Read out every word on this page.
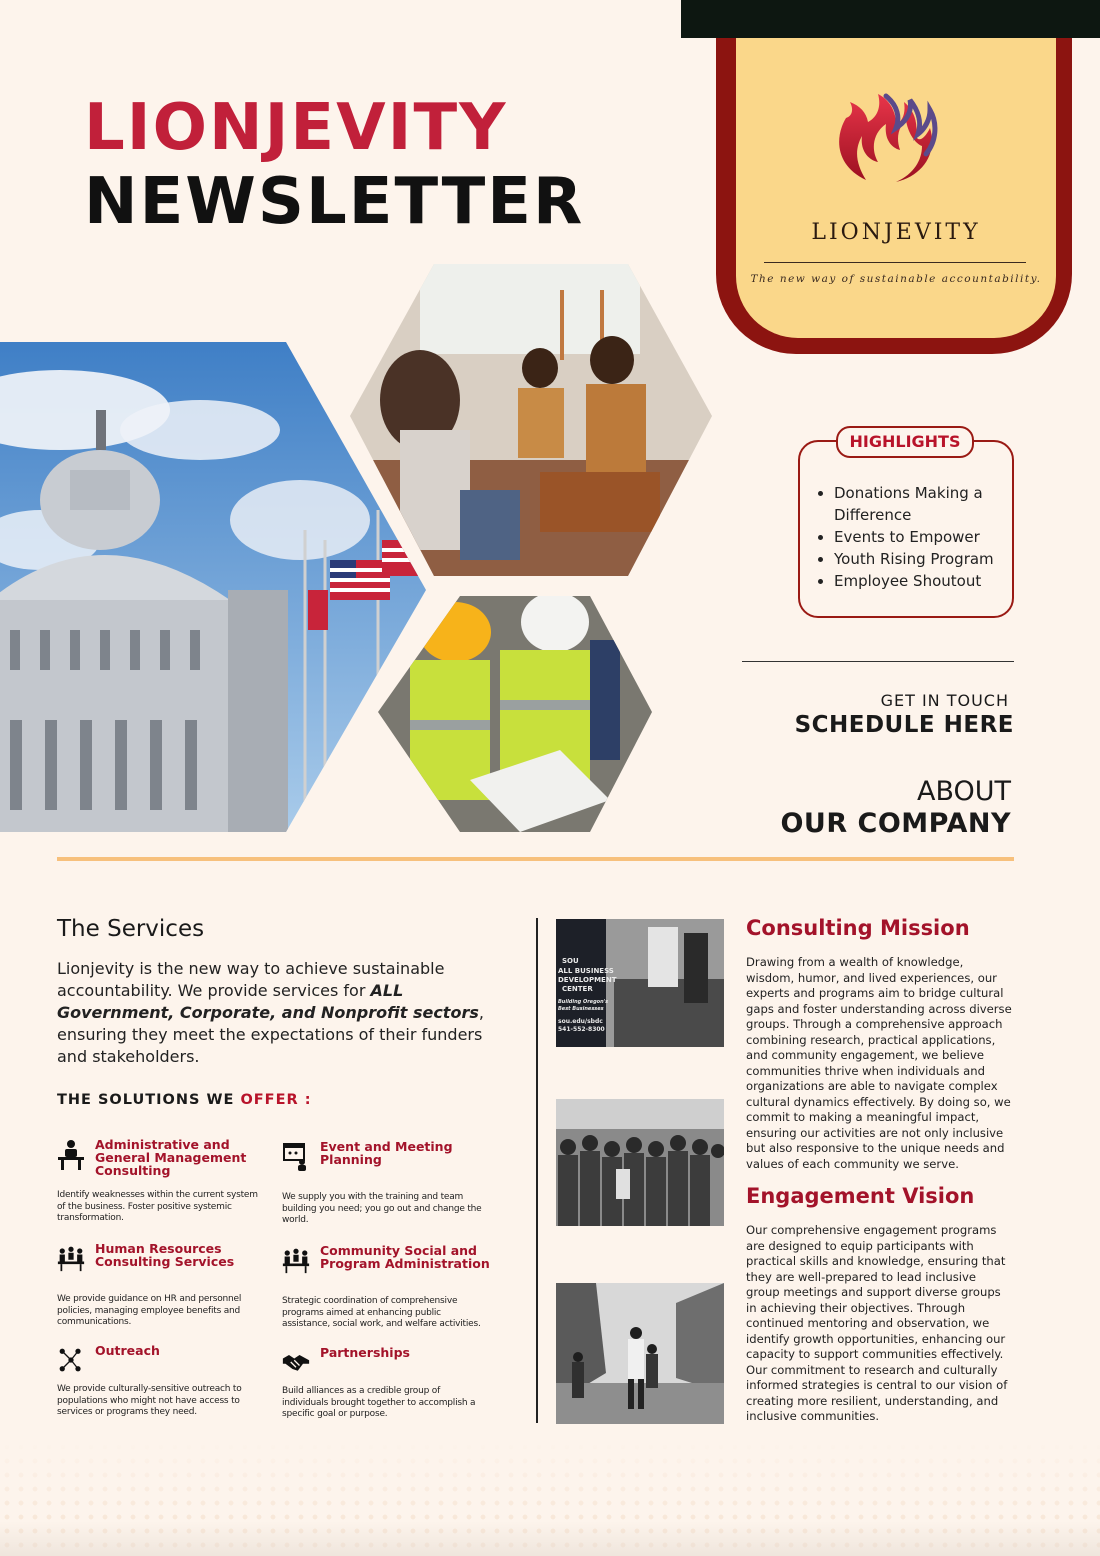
LIONJEVITY
NEWSLETTER	LIONJEVITY
The new way of sustainable accountability.
HIGHLIGHTS
• Donations Making a Difference
• Events to Empower
• Youth Rising Program
• Employee Shoutout
GET IN TOUCH
SCHEDULE HERE
ABOUT
OUR COMPANY
The Services
Lionjevity is the new way to achieve sustainable accountability. We provide services for ALL Government, Corporate, and Nonprofit sectors, ensuring they meet the expectations of their funders and stakeholders.
THE SOLUTIONS WE OFFER :
Administrative and General Management Consulting
Identify weaknesses within the current system of the business. Foster positive systemic transformation.
Event and Meeting Planning
We supply you with the training and team building you need; you go out and change the world.
Human Resources Consulting Services
We provide guidance on HR and personnel policies, managing employee benefits and communications.
Community Social and Program Administration
Strategic coordination of comprehensive programs aimed at enhancing public assistance, social work, and welfare activities.
Outreach
We provide culturally-sensitive outreach to populations who might not have access to services or programs they need.
Partnerships
Build alliances as a credible group of individuals brought together to accomplish a specific goal or purpose.
SOU ALL BUSINESS DEVELOPMENT CENTER Building Oregon's Best Businesses sou.edu/sbdc 541-552-8300
Consulting Mission
Drawing from a wealth of knowledge, wisdom, humor, and lived experiences, our experts and programs aim to bridge cultural gaps and foster understanding across diverse groups. Through a comprehensive approach combining research, practical applications, and community engagement, we believe communities thrive when individuals and organizations are able to navigate complex cultural dynamics effectively. By doing so, we commit to making a meaningful impact, ensuring our activities are not only inclusive but also responsive to the unique needs and values of each community we serve.
Engagement Vision
Our comprehensive engagement programs are designed to equip participants with practical skills and knowledge, ensuring that they are well-prepared to lead inclusive group meetings and support diverse groups in achieving their objectives. Through continued mentoring and observation, we identify growth opportunities, enhancing our capacity to support communities effectively. Our commitment to research and culturally informed strategies is central to our vision of creating more resilient, understanding, and inclusive communities.
